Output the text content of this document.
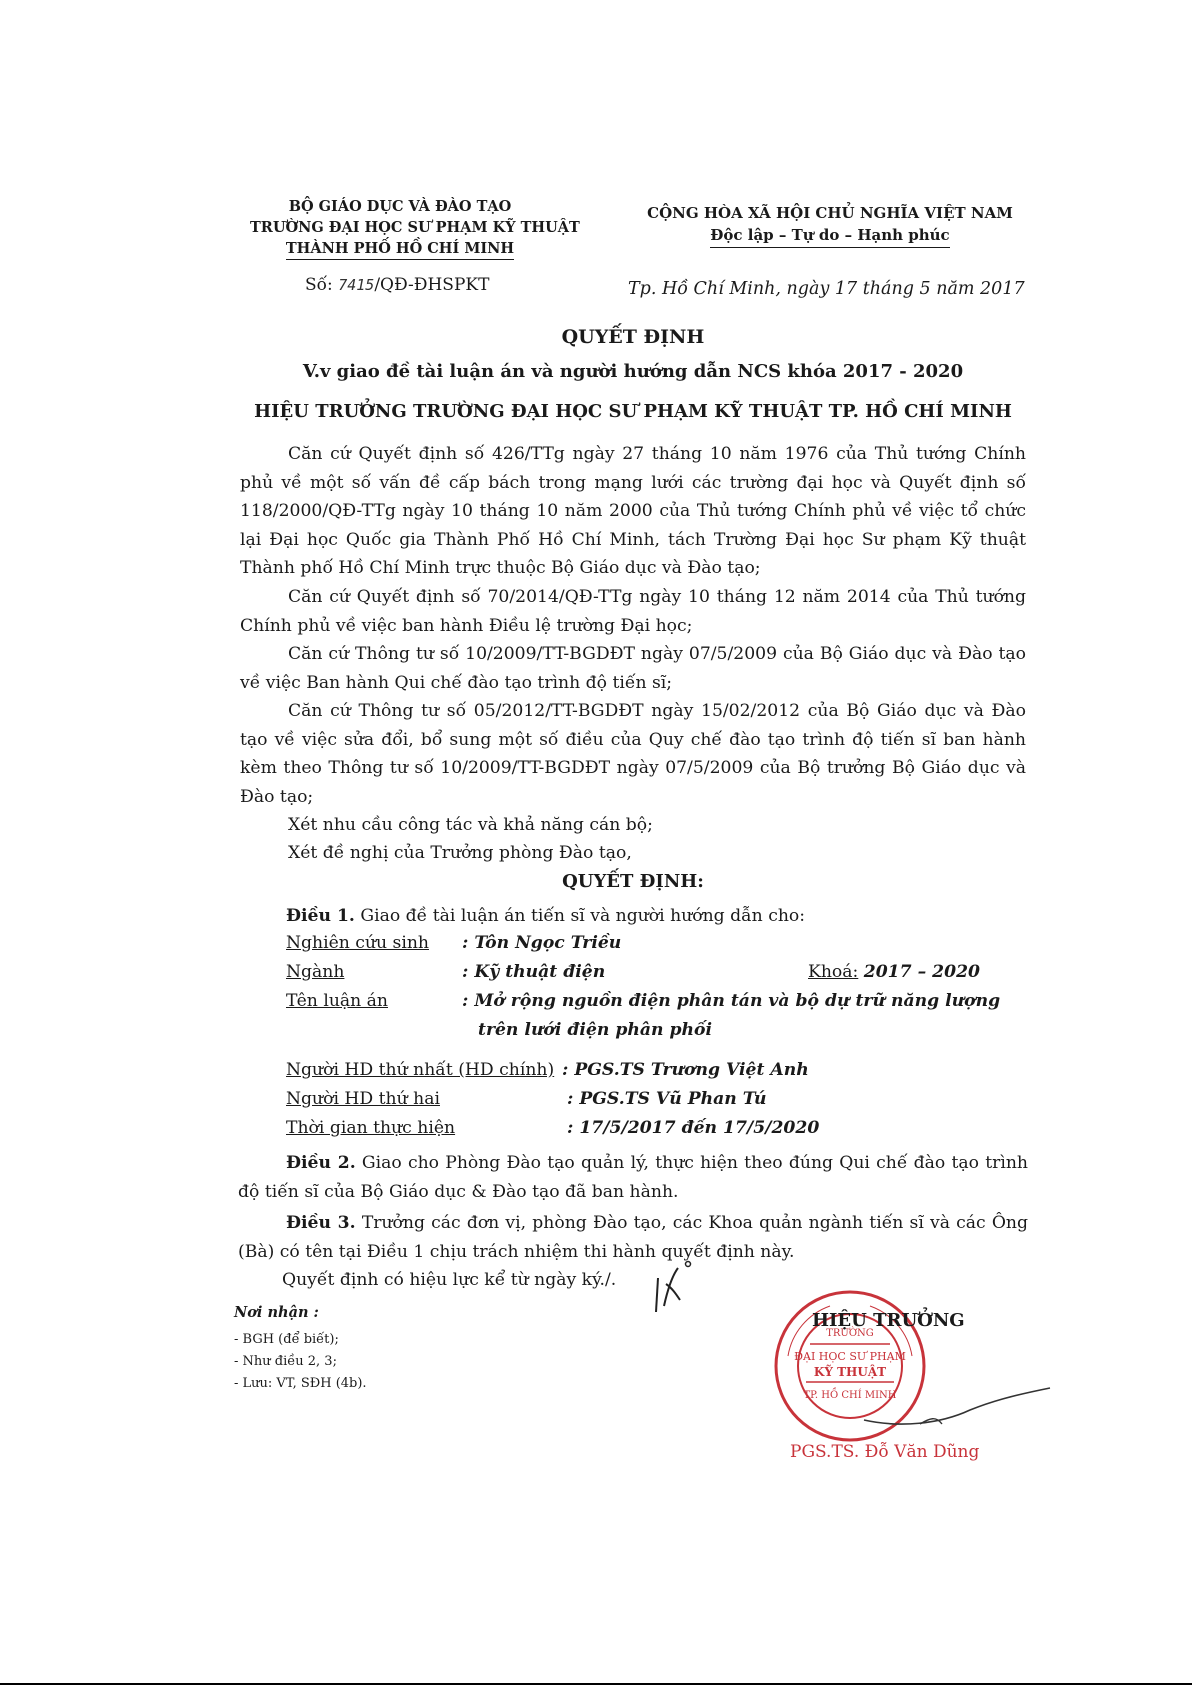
BỘ GIÁO DỤC VÀ ĐÀO TẠO
TRƯỜNG ĐẠI HỌC SƯ PHẠM KỸ THUẬT
THÀNH PHỐ HỒ CHÍ MINH
Số: 7415/QĐ-ĐHSPKT
CỘNG HÒA XÃ HỘI CHỦ NGHĨA VIỆT NAM
Độc lập – Tự do – Hạnh phúc
Tp. Hồ Chí Minh, ngày 17 tháng 5 năm 2017
QUYẾT ĐỊNH
V.v giao đề tài luận án và người hướng dẫn NCS khóa 2017 - 2020
HIỆU TRƯỞNG TRƯỜNG ĐẠI HỌC SƯ PHẠM KỸ THUẬT TP. HỒ CHÍ MINH
Căn cứ Quyết định số 426/TTg ngày 27 tháng 10 năm 1976 của Thủ tướng Chính phủ về một số vấn đề cấp bách trong mạng lưới các trường đại học và Quyết định số 118/2000/QĐ-TTg ngày 10 tháng 10 năm 2000 của Thủ tướng Chính phủ về việc tổ chức lại Đại học Quốc gia Thành Phố Hồ Chí Minh, tách Trường Đại học Sư phạm Kỹ thuật Thành phố Hồ Chí Minh trực thuộc Bộ Giáo dục và Đào tạo;
Căn cứ Quyết định số 70/2014/QĐ-TTg ngày 10 tháng 12 năm 2014 của Thủ tướng Chính phủ về việc ban hành Điều lệ trường Đại học;
Căn cứ Thông tư số 10/2009/TT-BGDĐT ngày 07/5/2009 của Bộ Giáo dục và Đào tạo về việc Ban hành Qui chế đào tạo trình độ tiến sĩ;
Căn cứ Thông tư số 05/2012/TT-BGDĐT ngày 15/02/2012 của Bộ Giáo dục và Đào tạo về việc sửa đổi, bổ sung một số điều của Quy chế đào tạo trình độ tiến sĩ ban hành kèm theo Thông tư số 10/2009/TT-BGDĐT ngày 07/5/2009 của Bộ trưởng Bộ Giáo dục và Đào tạo;
Xét nhu cầu công tác và khả năng cán bộ;
Xét đề nghị của Trưởng phòng Đào tạo,
QUYẾT ĐỊNH:
Điều 1. Giao đề tài luận án tiến sĩ và người hướng dẫn cho:
Nghiên cứu sinh : Tôn Ngọc Triều
Ngành	: Kỹ thuật điện	Khoá: 2017 – 2020
Tên luận án	: Mở rộng nguồn điện phân tán và bộ dự trữ năng lượng
trên lưới điện phân phối
Người HD thứ nhất (HD chính) : PGS.TS Trương Việt Anh
Người HD thứ hai	: PGS.TS Vũ Phan Tú
Thời gian thực hiện	: 17/5/2017 đến 17/5/2020
Điều 2. Giao cho Phòng Đào tạo quản lý, thực hiện theo đúng Qui chế đào tạo trình độ tiến sĩ của Bộ Giáo dục & Đào tạo đã ban hành.
Điều 3. Trưởng các đơn vị, phòng Đào tạo, các Khoa quản ngành tiến sĩ và các Ông (Bà) có tên tại Điều 1 chịu trách nhiệm thi hành quyết định này.
Quyết định có hiệu lực kể từ ngày ký./.
Nơi nhận :
- BGH (để biết);
- Như điều 2, 3;
- Lưu: VT, SĐH (4b).
ĐẠI HỌC SƯ PHẠM
KỸ THUẬT
TP. HỒ CHÍ MINH
TRƯỜNG
HIỆU TRƯỞNG
PGS.TS. Đỗ Văn Dũng
